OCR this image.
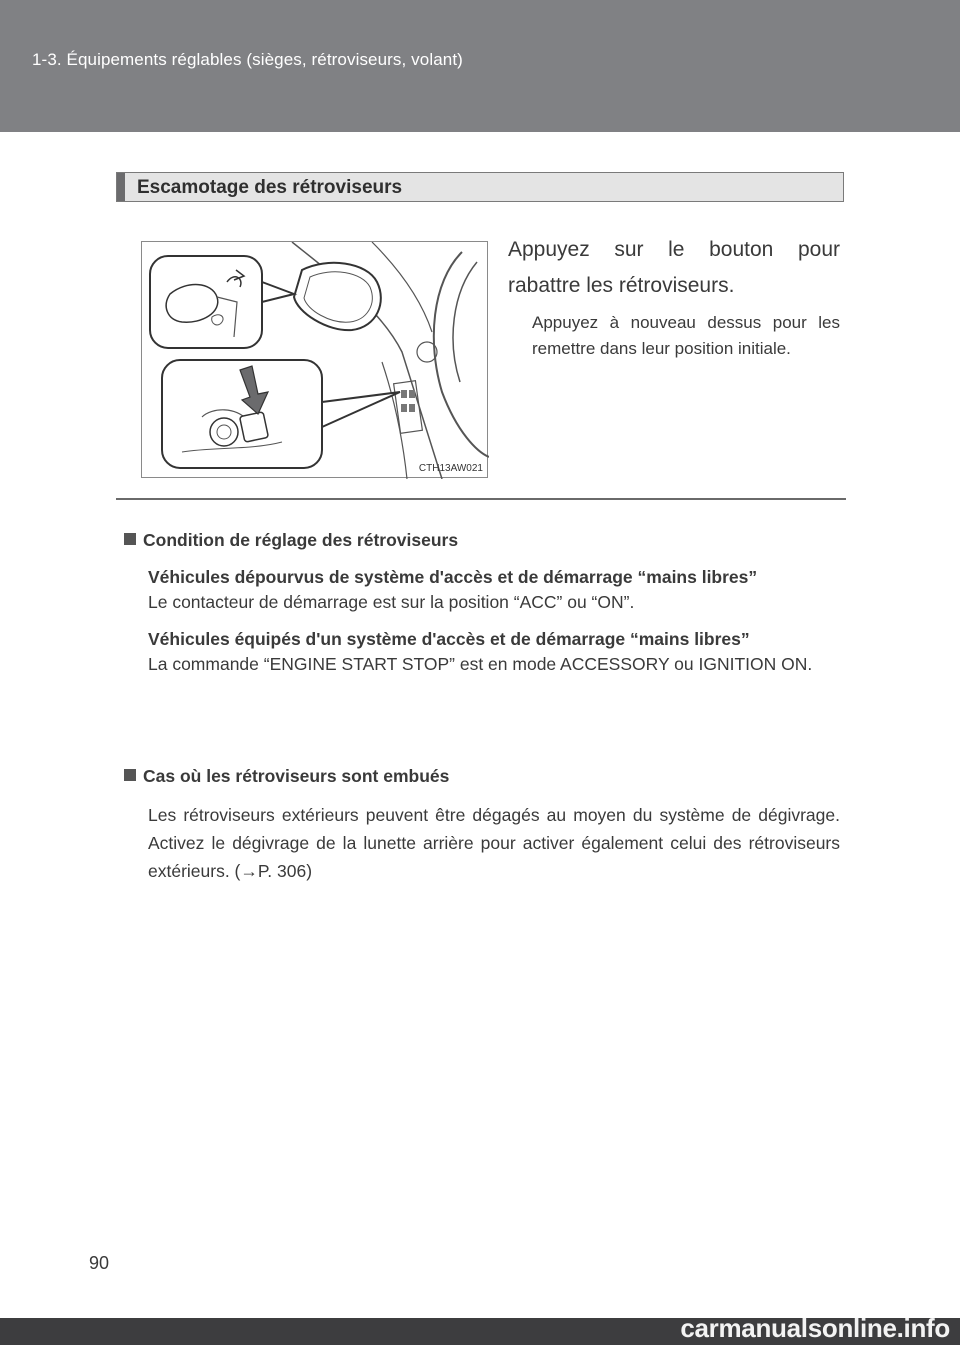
1-3. Équipements réglables (sièges, rétroviseurs, volant)
Escamotage des rétroviseurs
CTH13AW021
Appuyez sur le bouton pour rabattre les rétroviseurs.
Appuyez à nouveau dessus pour les remettre dans leur position initiale.
Condition de réglage des rétroviseurs
Véhicules dépourvus de système d'accès et de démarrage “mains libres”
Le contacteur de démarrage est sur la position “ACC” ou “ON”.
Véhicules équipés d'un système d'accès et de démarrage “mains libres”
La commande “ENGINE START STOP” est en mode ACCESSORY ou IGNITION ON.
Cas où les rétroviseurs sont embués
Les rétroviseurs extérieurs peuvent être dégagés au moyen du système de dégivrage. Activez le dégivrage de la lunette arrière pour activer également celui des rétroviseurs extérieurs. (→P. 306)
90
carmanualsonline.info
